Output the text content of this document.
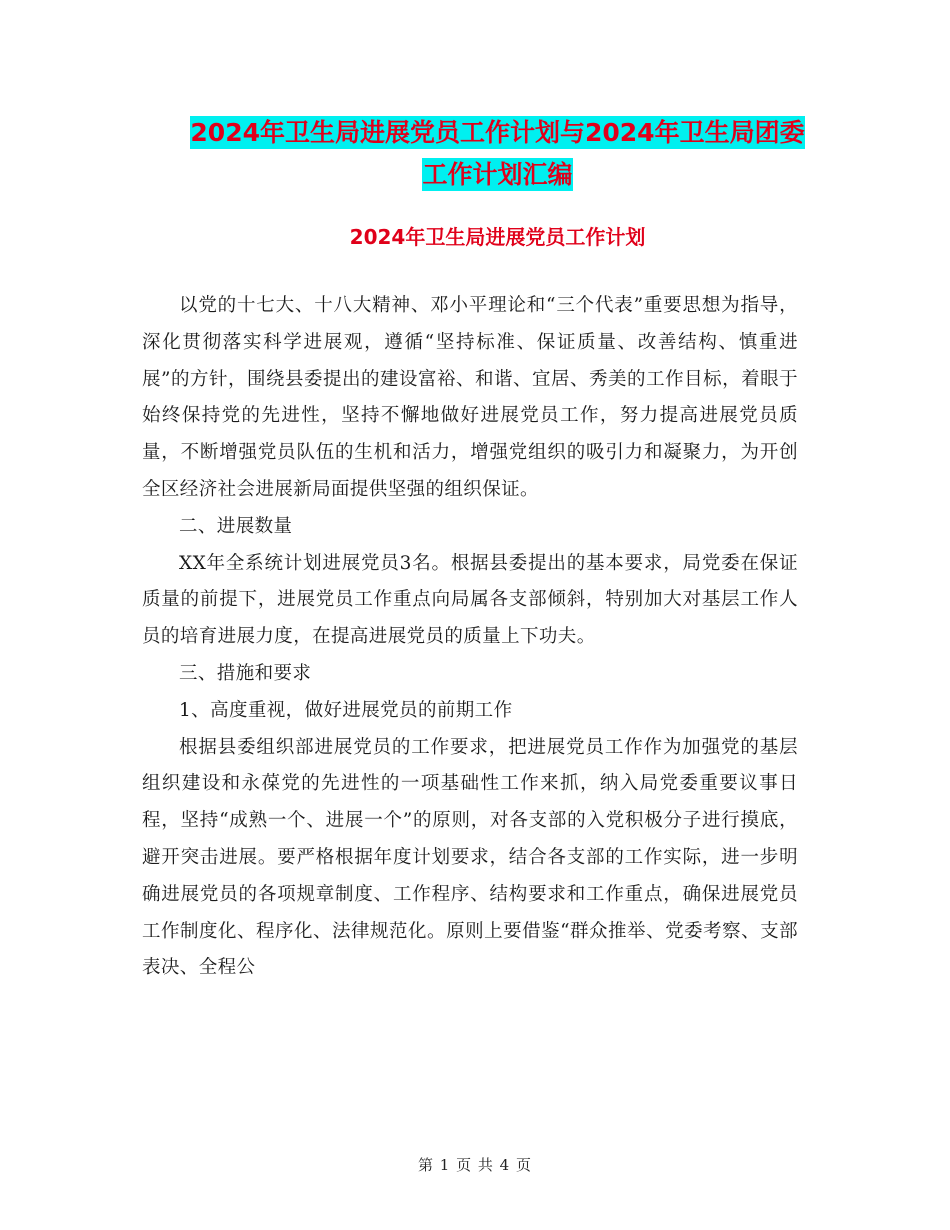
2024年卫生局进展党员工作计划与2024年卫生局团委
工作计划汇编
2024年卫生局进展党员工作计划

以党的十七大、十八大精神、邓小平理论和“三个代表”重要思想为指导，深化贯彻落实科学进展观，遵循“坚持标准、保证质量、改善结构、慎重进展”的方针，围绕县委提出的建设富裕、和谐、宜居、秀美的工作目标，着眼于始终保持党的先进性，坚持不懈地做好进展党员工作，努力提高进展党员质量，不断增强党员队伍的生机和活力，增强党组织的吸引力和凝聚力，为开创全区经济社会进展新局面提供坚强的组织保证。

二、进展数量

XX年全系统计划进展党员3名。根据县委提出的基本要求，局党委在保证质量的前提下，进展党员工作重点向局属各支部倾斜，特别加大对基层工作人员的培育进展力度，在提高进展党员的质量上下功夫。

三、措施和要求

1、高度重视，做好进展党员的前期工作

根据县委组织部进展党员的工作要求，把进展党员工作作为加强党的基层组织建设和永葆党的先进性的一项基础性工作来抓，纳入局党委重要议事日程，坚持“成熟一个、进展一个”的原则，对各支部的入党积极分子进行摸底，避开突击进展。要严格根据年度计划要求，结合各支部的工作实际，进一步明确进展党员的各项规章制度、工作程序、结构要求和工作重点，确保进展党员工作制度化、程序化、法律规范化。原则上要借鉴“群众推举、党委考察、支部表决、全程公

第 1 页 共 4 页
